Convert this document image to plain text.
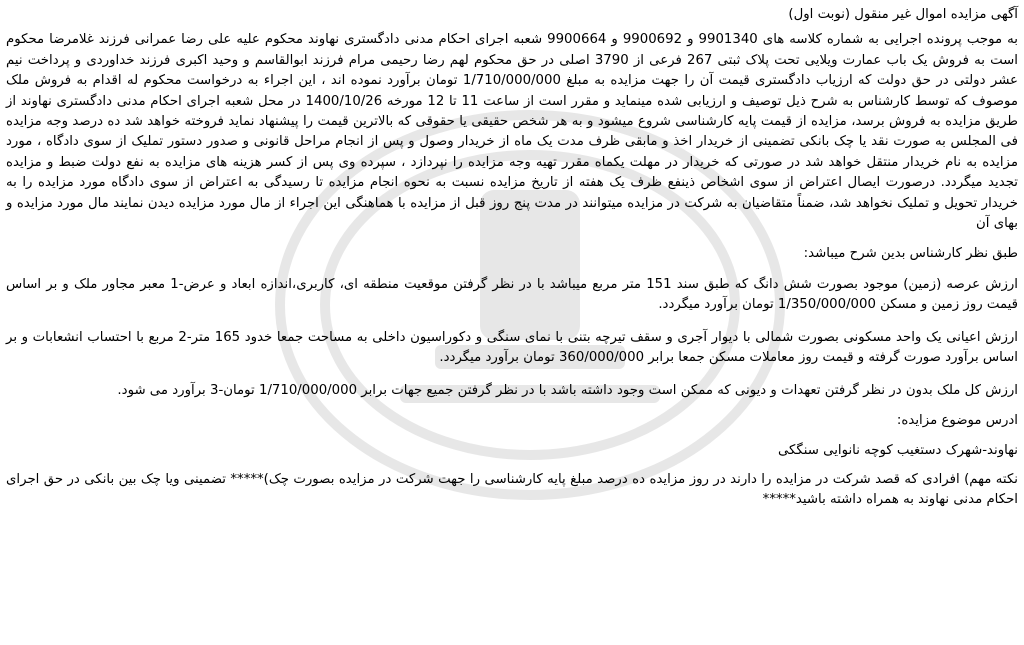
آگهی مزایده اموال غیر منقول (نوبت اول)

به موجب پرونده اجرایی به شماره کلاسه های 9901340 و 9900692 و 9900664 شعبه اجرای احکام مدنی دادگستری نهاوند محکوم علیه علی رضا عمرانی فرزند غلامرضا محکوم است به فروش یک باب عمارت ویلایی تحت پلاک ثبتی 267 فرعی از 3790 اصلی در حق محکوم لهم رضا رحیمی مرام فرزند ابوالقاسم و وحید اکبری فرزند خداوردی و پرداخت نیم عشر دولتی در حق دولت که ارزیاب دادگستری قیمت آن را جهت مزایده به مبلغ 1/710/000/000 تومان برآورد نموده اند ، این اجراء به درخواست محکوم له اقدام به فروش ملک موصوف که توسط کارشناس به شرح ذیل توصیف و ارزیابی شده مینماید و مقرر است از ساعت 11 تا 12 مورخه 1400/10/26 در محل شعبه اجرای احکام مدنی دادگستری نهاوند از طریق مزایده به فروش برسد، مزایده از قیمت پایه کارشناسی شروع میشود و به هر شخص حقیقی یا حقوقی که بالاترین قیمت را پیشنهاد نماید فروخته خواهد شد ده درصد وجه مزایده فی المجلس به صورت نقد یا چک بانکی تضمینی از خریدار اخذ و مابقی ظرف مدت یک ماه از خریدار وصول و پس از انجام مراحل قانونی و صدور دستور تملیک از سوی دادگاه ، مورد مزایده به نام خریدار منتقل خواهد شد در صورتی که خریدار در مهلت یکماه مقرر تهیه وجه مزایده را نپردازد ، سپرده وی پس از کسر هزینه های مزایده به نفع دولت ضبط و مزایده تجدید میگردد. درصورت ایصال اعتراض از سوی اشخاص ذینفع ظرف یک هفته از تاریخ مزایده نسبت به نحوه انجام مزایده تا رسیدگی به اعتراض از سوی دادگاه مورد مزایده را به خریدار تحویل و تملیک نخواهد شد، ضمناً متقاضیان به شرکت در مزایده میتوانند در مدت پنج روز قبل از مزایده با هماهنگی این اجراء از مال مورد مزایده دیدن نمایند مال مورد مزایده و بهای آن

طبق نظر کارشناس بدین شرح میباشد:

ارزش عرصه (زمین) موجود بصورت شش دانگ که طبق سند 151 متر مربع میباشد با در نظر گرفتن موقعیت منطقه ای، کاربری،اندازه ابعاد و عرض-1 معبر مجاور ملک و بر اساس قیمت روز زمین و مسکن 1/350/000/000 تومان برآورد میگردد.

ارزش اعیانی یک واحد مسکونی بصورت شمالی با دیوار آجری و سقف تیرچه بتنی با نمای سنگی و دکوراسیون داخلی به مساحت جمعا خدود 165 متر-2 مربع با احتساب انشعابات و بر اساس برآورد صورت گرفته و قیمت روز معاملات مسکن جمعا برابر 360/000/000 تومان برآورد میگردد.

ارزش کل ملک بدون در نظر گرفتن تعهدات و دیونی که ممکن است وجود داشته باشد با در نظر گرفتن جمیع جهات برابر 1/710/000/000 تومان-3 برآورد می شود.

ادرس موضوع مزایده:

نهاوند-شهرک دستغیب کوچه نانوایی سنگکی

نکته مهم) افرادی که قصد شرکت در مزایده را دارند در روز مزایده ده درصد مبلغ پایه کارشناسی را جهت شرکت در مزایده بصورت چک)***** تضمینی ویا چک بین بانکی در حق اجرای احکام مدنی نهاوند به همراه داشته باشید*****
